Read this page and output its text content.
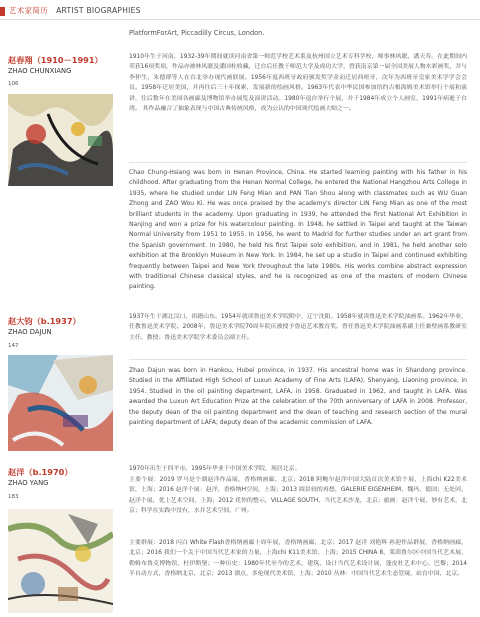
艺术家简历 ARTIST BIOGRAPHIES
PlatformForArt, Piccadilly Circus, London.
赵春翔（1910－1991）
ZHAO CHUNXIANG
106
1910年生于河南，1932-39年期间就读河南省第一师范学校艺术系及杭州国立艺术专科学校，师事林风眠、潘天寿。在此期间内荣获16项奖项，作品亦被林风眠及潘国柱收藏，迁台后任教于师范大学及成功大学，曾获南京第一届全国美展人物水彩画奖，并与李仲生、朱德群等人在台北举办现代画联展。1956年返西班牙政府颁发奖学金而迁居西班牙，次年为西班牙皇家美术学学会会员。1958年迁居美国，并再往后三十年探索，发展新的绘画风格。1963年代表中华民国参加纽约古根海姆美术馆举行个展和演讲，往后数年在美国各画廊及博物馆举办展览及演讲活动。1980年返台举行个展，并于1984年成立个人画室，1991年病逝于台湾。 其作品融合了抽象表现与中国古典传统风格，成为公认的中国现代绘画大师之一。
Chao Chung-Hsiang was born in Henan Province, China. He started learning painting with his father in his childhood. After graduating from the Henan Normal College, he entered the National Hangzhou Arts College in 1935, where he studied under LIN Feng Mian and PAN Tian Shou along with classmates such as WU Guan Zhong and ZAO Wou Ki. He was once praised by the academy's director LIN Feng Mian as one of the most brilliant students in the academy. Upon graduating in 1939, he attended the first National Art Exhibition in Nanjing and won a prize for his watercolour painting. In 1948, he settled in Taipei and taught at the Taiwan Normal University from 1951 to 1955. In 1956, he went to Madrid for further studies under an art grant from the Spanish government. In 1980, he held his first Taipei solo exhibition, and in 1981, he held another solo exhibition at the Brooklyn Museum in New York. In 1984, he set up a studio in Taipei and continued exhibiting frequently between Taipei and New York throughout the late 1980s. His works combine abstract expression with traditional Chinese classical styles, and he is recognized as one of the masters of modern Chinese painting.
赵大钧（b.1937）
ZHAO DAJUN
147
1937年生于湖北汉口，祖籍山东。1954年就读鲁迅美术学院附中，辽宁沈阳。1958年就读鲁迅美术学院油画系。1962年毕业，任教鲁迅美术学院。2008年，鲁迅美术学院70周年院庆被授予鲁迅艺术教育奖。曾任鲁迅美术学院油画系副主任兼壁画系教研室主任、教授；鲁迅美术学院学术委员会副主任。
Zhao Dajun was born in Hankou, Hubei province, in 1937. His ancestral home was in Shandong province. Studied in the Affiliated High School of Luxun Academy of Fine Arts (LAFA), Shenyang, Liaoning province, in 1954. Studied in the oil painting department, LAFA, in 1958. Graduated in 1962, and taught in LAFA. Was awarded the Luxun Art Education Prize at the celebration of the 70th anniversary of LAFA in 2008. Professor, the deputy dean of the oil painting department and the dean of teaching and research section of the mural painting department of LAFA; deputy dean of the academic commission of LAFA.
赵洋（b.1970）
ZHAO YANG
183
1970年出生于四平市。1995年毕业于中国美术学院，现居北京。
主要个展：2019 罗马是个湖赵洋作品展，香格纳画廊，北京；2018 阿鲍尔赵洋中国大陆首次美术馆个展，上海chi K22美术馆，上海；2016 赵洋个展：赵洋，香格纳H空间，上海；2013 圆景较的再想，GALERIE EIGENHEIM，魏玛，德国；无处回，赵洋个展，优上艺术空间，上海；2012 优你的整示，VILLAGE SOUTH，当代艺术沙龙，北京；旅画：赵洋个展，妙有艺术，北京；科学在实践中没有，水井艺术空间，广州。
主要群展：2018 闪白 White Flash香格纳画廊十周年展，香格纳画廊，北京；2017 赵洋 刘艳辉 孙迎作品群展，香格纳画廊，北京；2016 我们一个关于中国当代艺术家的力量，上海chi K11美术馆，上海；2015 CHINA 8，莱茵鲁尔区中国当代艺术展，勒姆布鲁克博物馆，杜伊斯堡；一种历史：1980年代至今的艺术、建筑、设计当代艺术设计展，蓬皮杜艺术中心，巴黎；2014 半自动方式，香格纳北京，北京；2013 漂点，多伦现代美术馆，上海；2010 丛林：中国当代艺术生态管窥，站台中国，北京。
